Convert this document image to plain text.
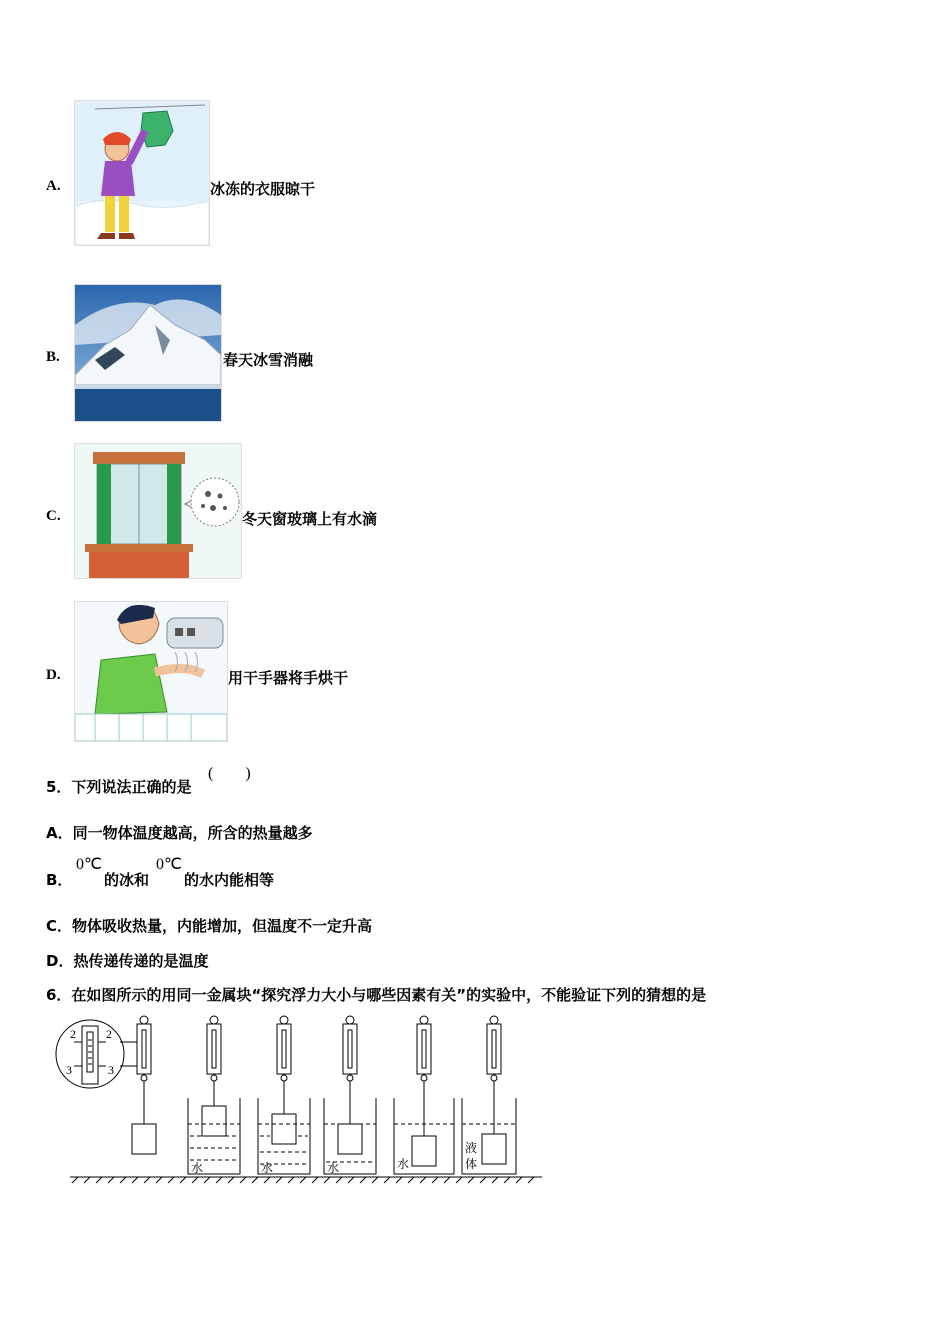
A.	冰冻的衣服晾干
B.	春天冰雪消融
C.	冬天窗玻璃上有水滴
D.	用干手器将手烘干
5．下列说法正确的是
(　　)
A．同一物体温度越高，所含的热量越多
B．
0℃
的冰和
0℃
的水内能相等
C．物体吸收热量，内能增加，但温度不一定升高
D．热传递传递的是温度
6．在如图所示的用同一金属块“探究浮力大小与哪些因素有关”的实验中，不能验证下列的猜想的是
2	2
3	3
水	水	水	水
液
体
